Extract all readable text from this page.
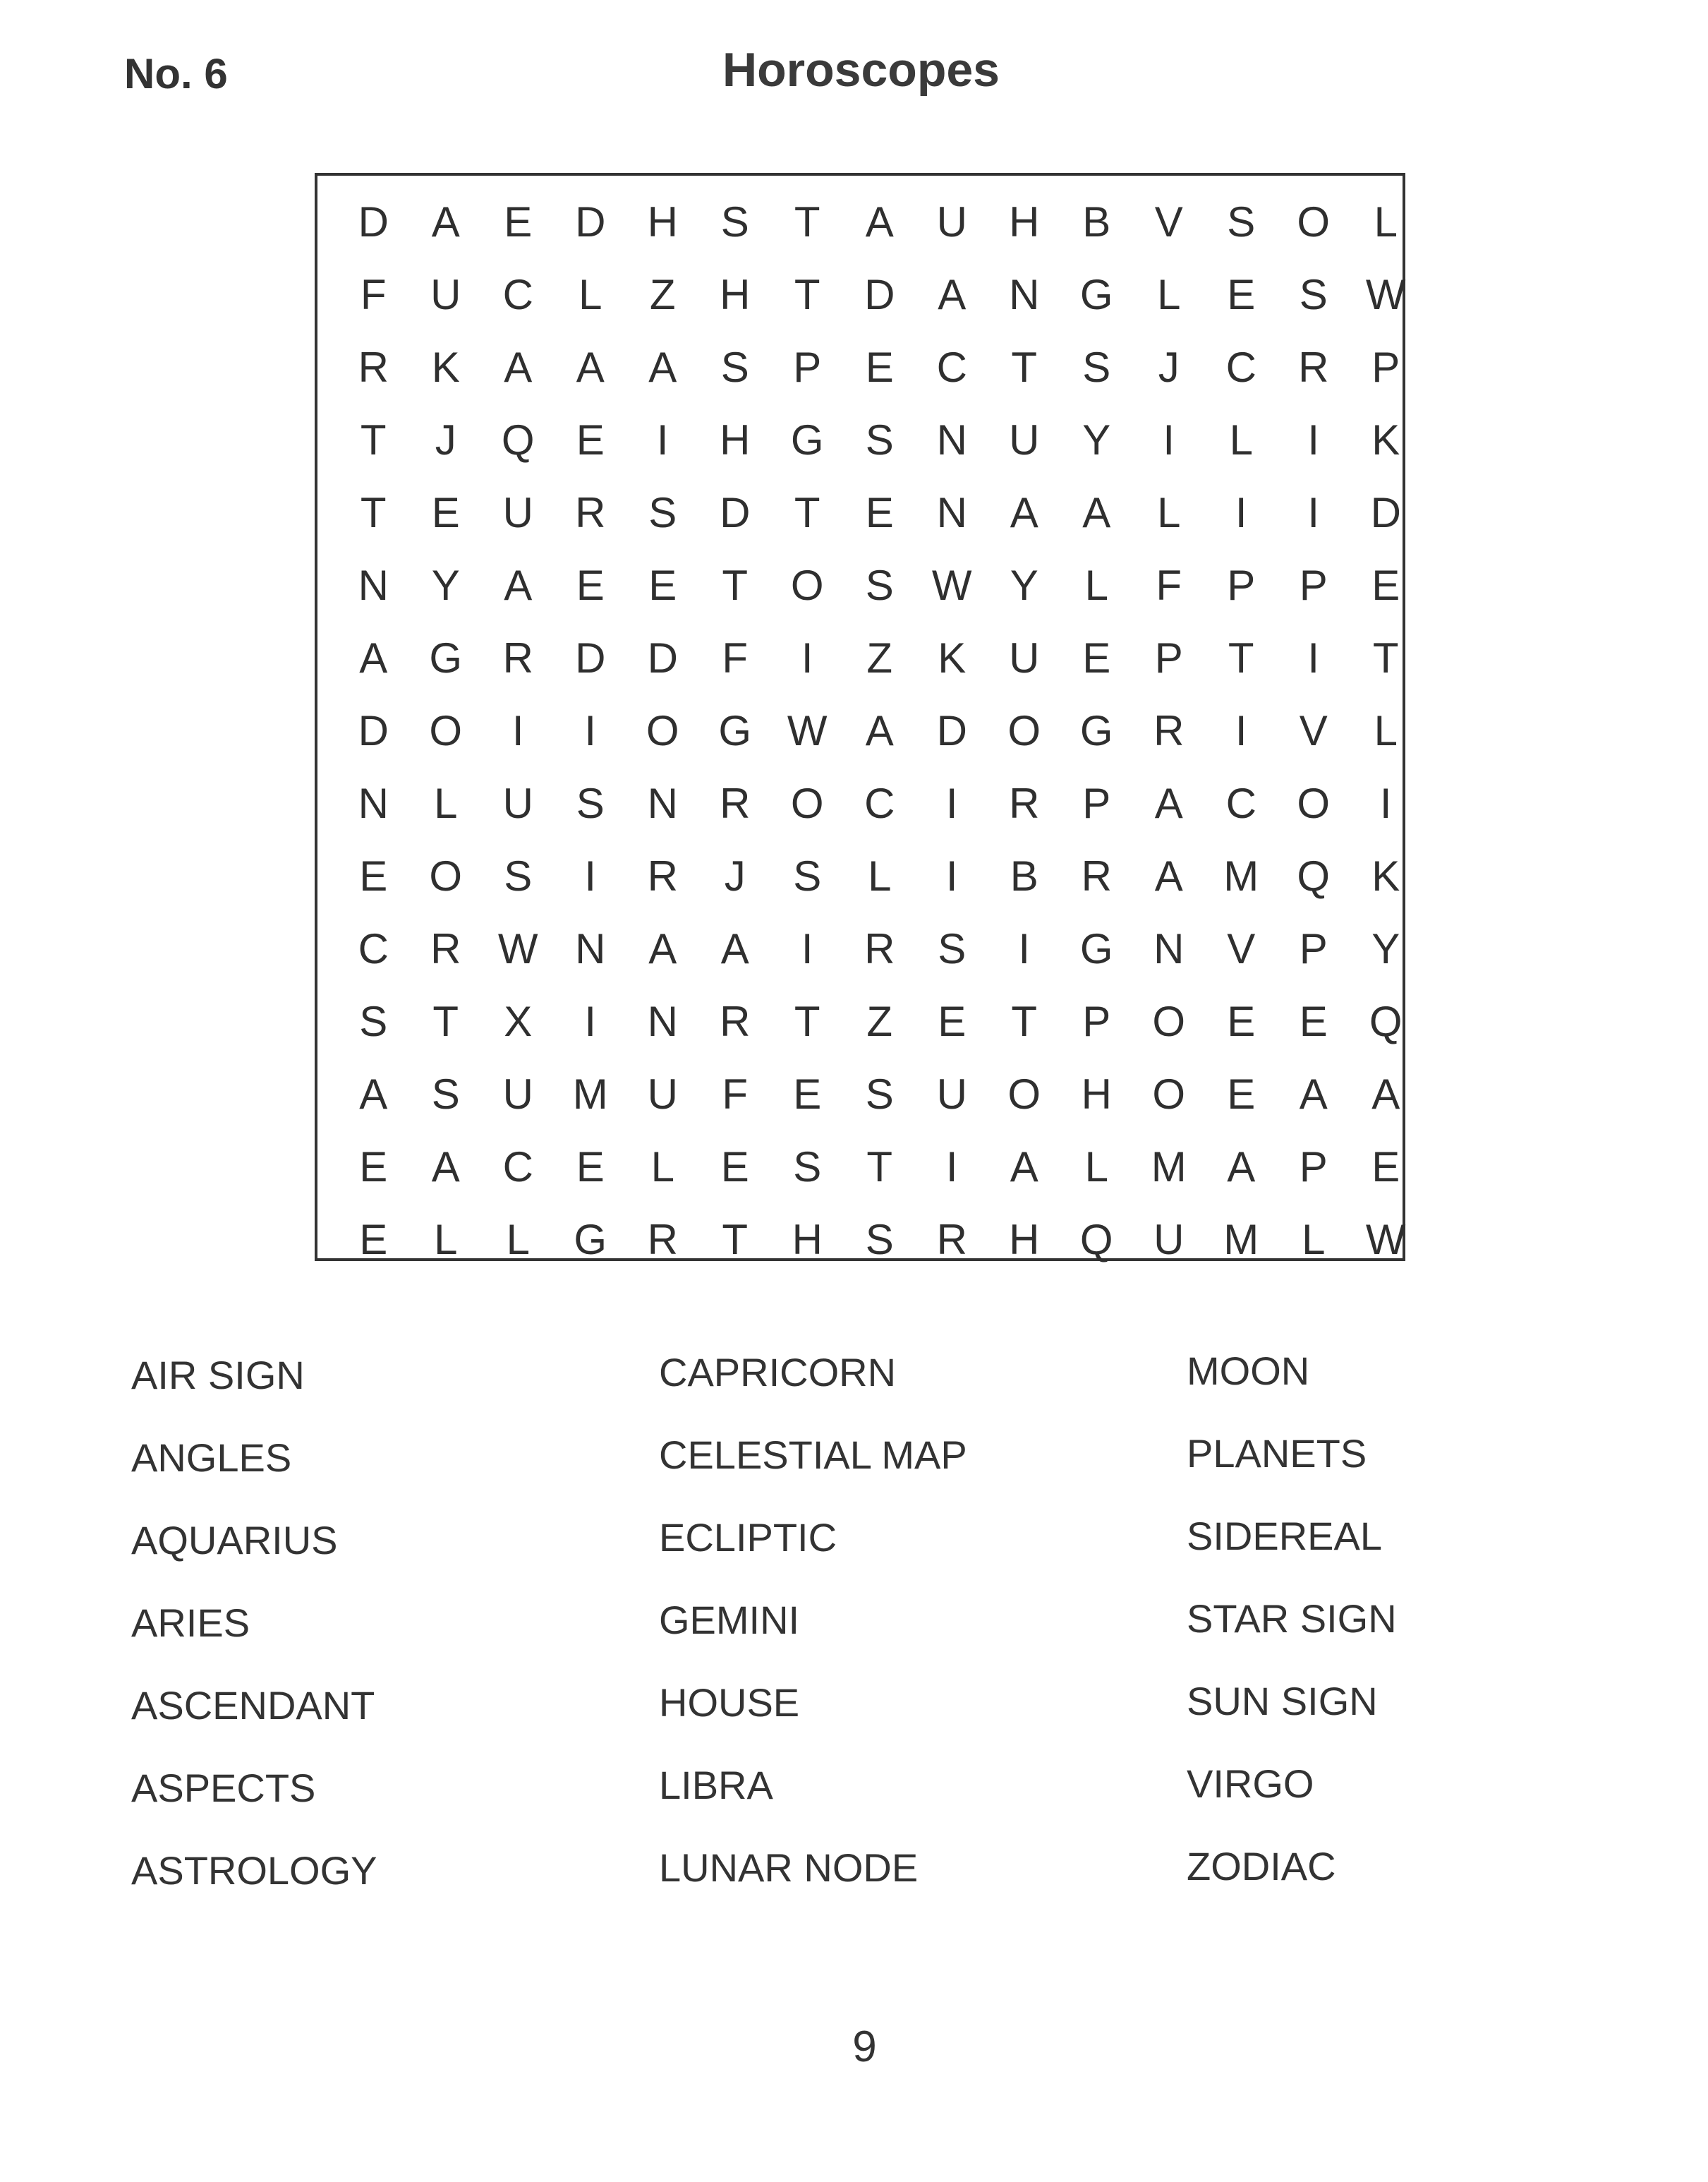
No. 6	Horoscopes
D	A	E	D H	S	T	A	U H	B	V	S O	L
F	U C	L	Z	H	T	D	A	N G	L	E	S W
R	K	A	A	A	S	P	E	C	T	S	J	C R	P
T	J	Q E	I	H G S	N U	Y	I	L	I	K
T	E	U R	S	D	T	E	N	A	A	L	I	I	D
N	Y	A	E	E	T	O S W Y	L	F	P	P	E
A G R D D	F	I	Z	K	U	E	P	T	I	T
D O	I	I	O G W A	D O G R	I	V	L
N	L	U	S	N R O C	I	R	P	A	C O	I
E O S	I	R	J	S	L	I	B	R	A M Q K
C R W N	A	A	I	R	S	I	G N	V	P	Y
S	T	X	I	N R	T	Z	E	T	P O E	E Q
A	S	U M U	F	E	S	U O H O E	A	A
E	A	C	E	L	E	S	T	I	A	L	M A	P	E
E	L	L	G R	T	H	S	R H Q U M	L W
AIR SIGN
ANGLES
AQUARIUS
ARIES
ASCENDANT
ASPECTS
ASTROLOGY
CAPRICORN
CELESTIAL MAP
ECLIPTIC
GEMINI
HOUSE
LIBRA
LUNAR NODE
MOON
PLANETS
SIDEREAL
STAR SIGN
SUN SIGN
VIRGO
ZODIAC
9
